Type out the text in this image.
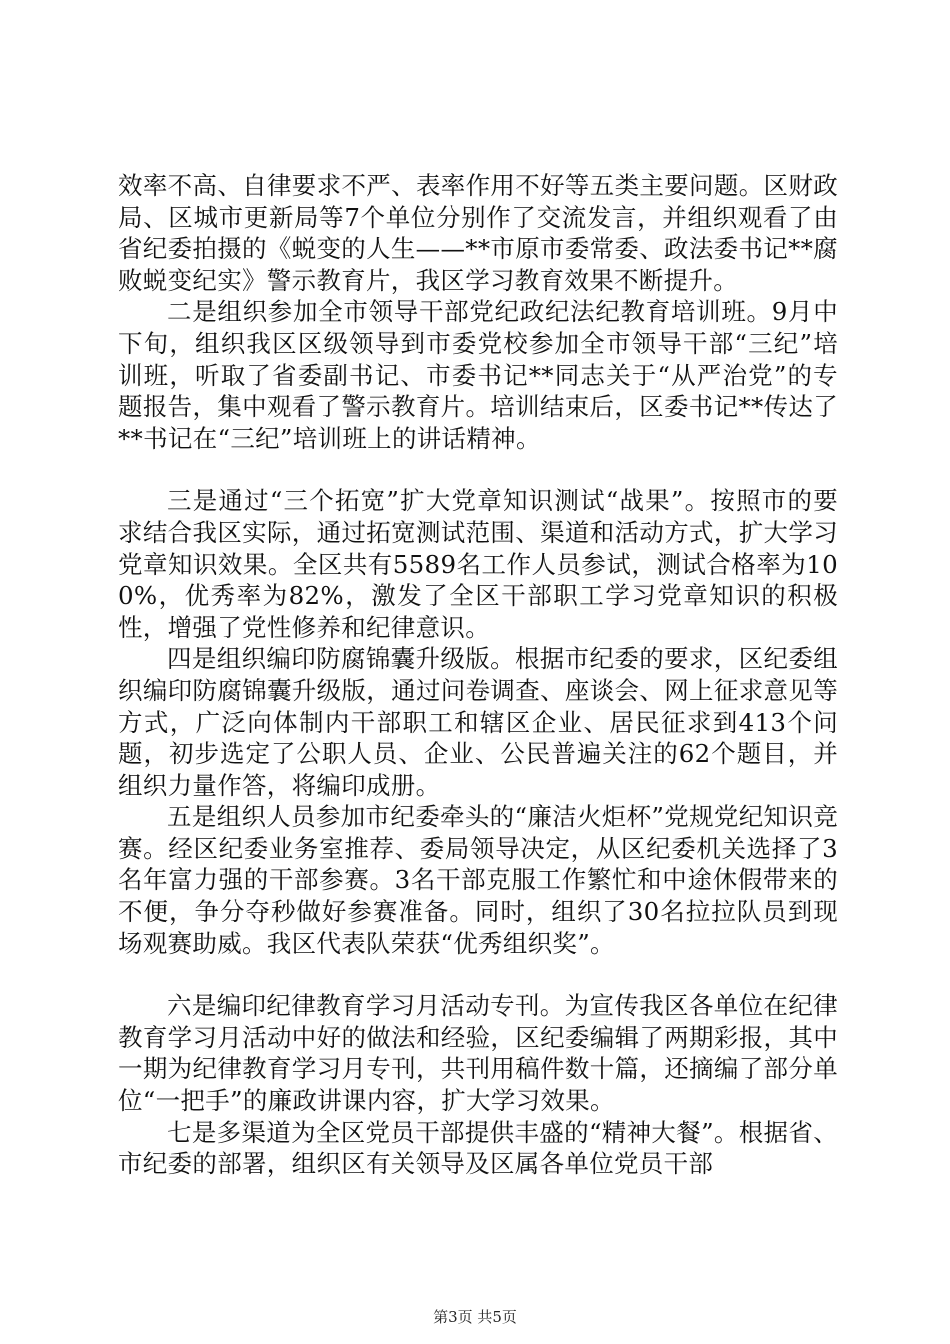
效率不高、自律要求不严、表率作用不好等五类主要问题。区财政局、区城市更新局等7个单位分别作了交流发言，并组织观看了由省纪委拍摄的《蜕变的人生——**市原市委常委、政法委书记**腐败蜕变纪实》警示教育片，我区学习教育效果不断提升。

二是组织参加全市领导干部党纪政纪法纪教育培训班。9月中下旬，组织我区区级领导到市委党校参加全市领导干部“三纪”培训班，听取了省委副书记、市委书记**同志关于“从严治党”的专题报告，集中观看了警示教育片。培训结束后，区委书记**传达了**书记在“三纪”培训班上的讲话精神。

三是通过“三个拓宽”扩大党章知识测试“战果”。按照市的要求结合我区实际，通过拓宽测试范围、渠道和活动方式，扩大学习党章知识效果。全区共有5589名工作人员参试，测试合格率为100%，优秀率为82%，激发了全区干部职工学习党章知识的积极性，增强了党性修养和纪律意识。

四是组织编印防腐锦囊升级版。根据市纪委的要求，区纪委组织编印防腐锦囊升级版，通过问卷调查、座谈会、网上征求意见等方式，广泛向体制内干部职工和辖区企业、居民征求到413个问题，初步选定了公职人员、企业、公民普遍关注的62个题目，并组织力量作答，将编印成册。

五是组织人员参加市纪委牵头的“廉洁火炬杯”党规党纪知识竞赛。经区纪委业务室推荐、委局领导决定，从区纪委机关选择了3名年富力强的干部参赛。3名干部克服工作繁忙和中途休假带来的不便，争分夺秒做好参赛准备。同时，组织了30名拉拉队员到现场观赛助威。我区代表队荣获“优秀组织奖”。

六是编印纪律教育学习月活动专刊。为宣传我区各单位在纪律教育学习月活动中好的做法和经验，区纪委编辑了两期彩报，其中一期为纪律教育学习月专刊，共刊用稿件数十篇，还摘编了部分单位“一把手”的廉政讲课内容，扩大学习效果。

七是多渠道为全区党员干部提供丰盛的“精神大餐”。根据省、市纪委的部署，组织区有关领导及区属各单位党员干部

第3页 共5页
